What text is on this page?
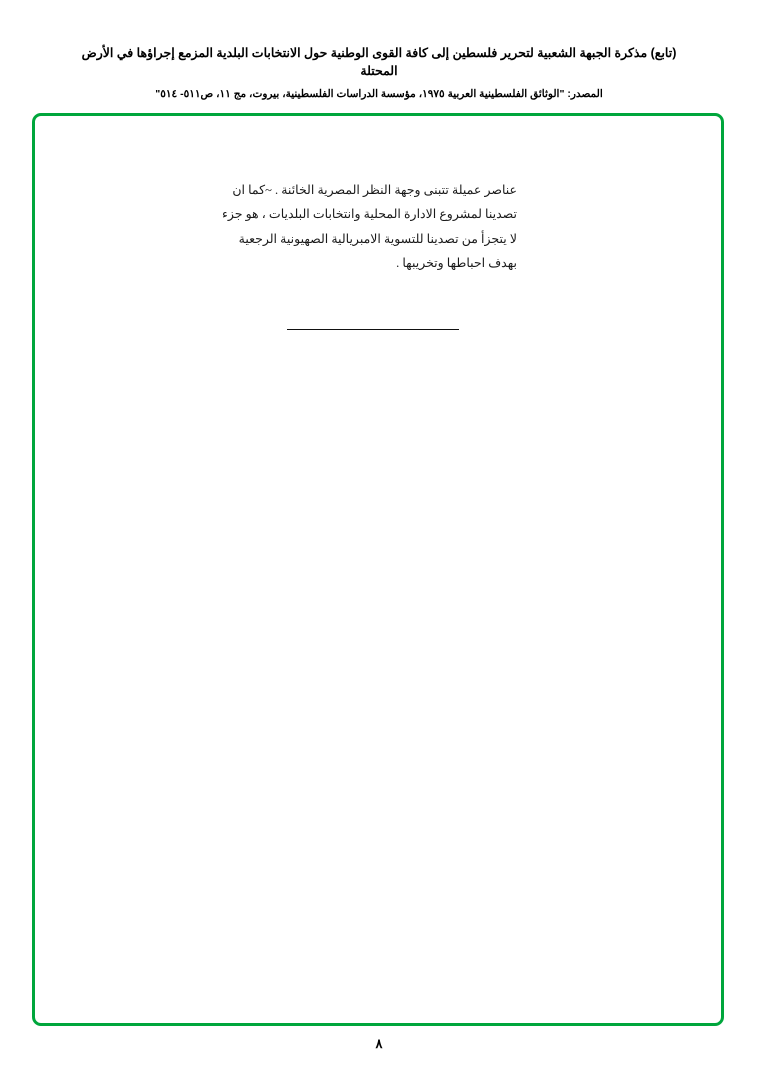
(تابع) مذكرة الجبهة الشعبية لتحرير فلسطين إلى كافة القوى الوطنية حول الانتخابات البلدية المزمع إجراؤها في الأرض المحتلة
المصدر: "الوثائق الفلسطينية العربية ١٩٧٥، مؤسسة الدراسات الفلسطينية، بيروت، مج ١١، ص٥١١- ٥١٤"
عناصر عميلة تتبنى وجهة النظر المصرية الخائنة . ~كما ان
تصدينا لمشروع الادارة المحلية وانتخابات البلديات ، هو جزء
لا يتجزأ من تصدينا للتسوية الامبريالية الصهيونية الرجعية
بهدف احباطها وتخريبها .
٨
